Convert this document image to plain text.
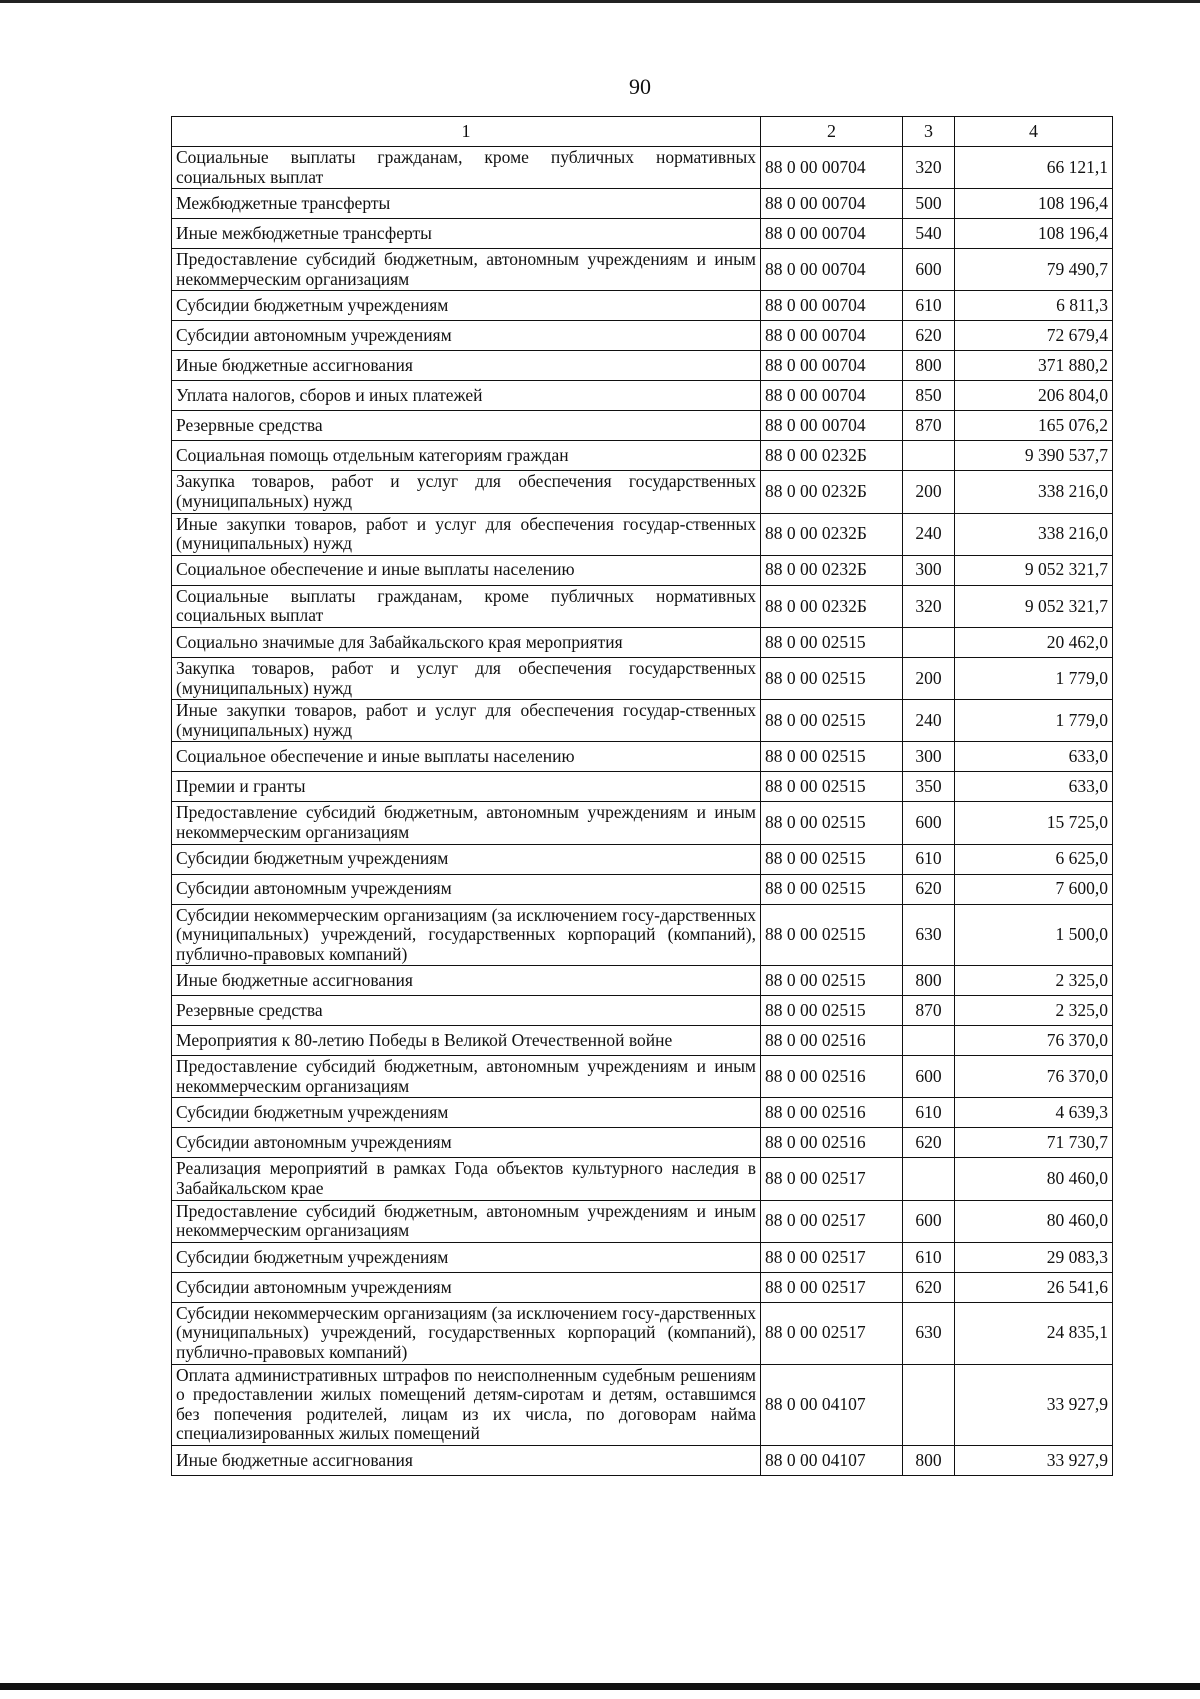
90
1	2	3	4
Социальные выплаты гражданам, кроме публичных нормативных социальных выплат	88 0 00 00704	320	66 121,1
Межбюджетные трансферты	88 0 00 00704	500	108 196,4
Иные межбюджетные трансферты	88 0 00 00704	540	108 196,4
Предоставление субсидий бюджетным, автономным учреждениям и иным некоммерческим организациям	88 0 00 00704	600	79 490,7
Субсидии бюджетным учреждениям	88 0 00 00704	610	6 811,3
Субсидии автономным учреждениям	88 0 00 00704	620	72 679,4
Иные бюджетные ассигнования	88 0 00 00704	800	371 880,2
Уплата налогов, сборов и иных платежей	88 0 00 00704	850	206 804,0
Резервные средства	88 0 00 00704	870	165 076,2
Социальная помощь отдельным категориям граждан	88 0 00 0232Б		9 390 537,7
Закупка товаров, работ и услуг для обеспечения государственных (муниципальных) нужд	88 0 00 0232Б	200	338 216,0
Иные закупки товаров, работ и услуг для обеспечения государ-ственных (муниципальных) нужд	88 0 00 0232Б	240	338 216,0
Социальное обеспечение и иные выплаты населению	88 0 00 0232Б	300	9 052 321,7
Социальные выплаты гражданам, кроме публичных нормативных социальных выплат	88 0 00 0232Б	320	9 052 321,7
Социально значимые для Забайкальского края мероприятия	88 0 00 02515		20 462,0
Закупка товаров, работ и услуг для обеспечения государственных (муниципальных) нужд	88 0 00 02515	200	1 779,0
Иные закупки товаров, работ и услуг для обеспечения государ-ственных (муниципальных) нужд	88 0 00 02515	240	1 779,0
Социальное обеспечение и иные выплаты населению	88 0 00 02515	300	633,0
Премии и гранты	88 0 00 02515	350	633,0
Предоставление субсидий бюджетным, автономным учреждениям и иным некоммерческим организациям	88 0 00 02515	600	15 725,0
Субсидии бюджетным учреждениям	88 0 00 02515	610	6 625,0
Субсидии автономным учреждениям	88 0 00 02515	620	7 600,0
Субсидии некоммерческим организациям (за исключением госу-дарственных (муниципальных) учреждений, государственных корпораций (компаний), публично-правовых компаний)	88 0 00 02515	630	1 500,0
Иные бюджетные ассигнования	88 0 00 02515	800	2 325,0
Резервные средства	88 0 00 02515	870	2 325,0
Мероприятия к 80-летию Победы в Великой Отечественной войне	88 0 00 02516		76 370,0
Предоставление субсидий бюджетным, автономным учреждениям и иным некоммерческим организациям	88 0 00 02516	600	76 370,0
Субсидии бюджетным учреждениям	88 0 00 02516	610	4 639,3
Субсидии автономным учреждениям	88 0 00 02516	620	71 730,7
Реализация мероприятий в рамках Года объектов культурного наследия в Забайкальском крае	88 0 00 02517		80 460,0
Предоставление субсидий бюджетным, автономным учреждениям и иным некоммерческим организациям	88 0 00 02517	600	80 460,0
Субсидии бюджетным учреждениям	88 0 00 02517	610	29 083,3
Субсидии автономным учреждениям	88 0 00 02517	620	26 541,6
Субсидии некоммерческим организациям (за исключением госу-дарственных (муниципальных) учреждений, государственных корпораций (компаний), публично-правовых компаний)	88 0 00 02517	630	24 835,1
Оплата административных штрафов по неисполненным судебным решениям о предоставлении жилых помещений детям-сиротам и детям, оставшимся без попечения родителей, лицам из их числа, по договорам найма специализированных жилых помещений	88 0 00 04107		33 927,9
Иные бюджетные ассигнования	88 0 00 04107	800	33 927,9
